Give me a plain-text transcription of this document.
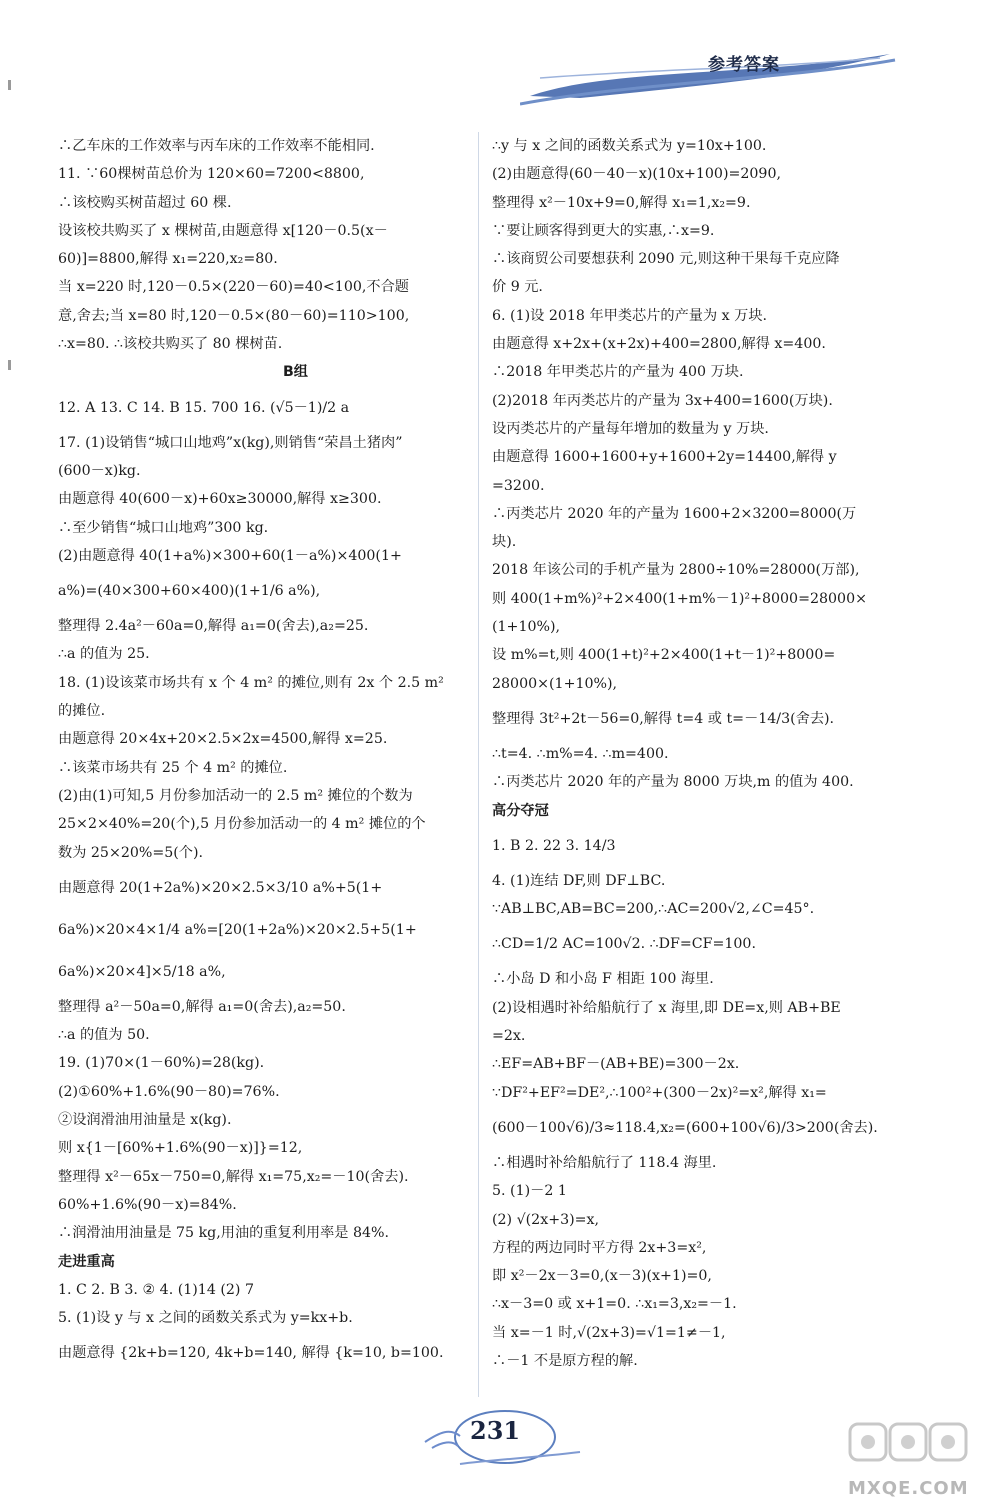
参考答案
∴乙车床的工作效率与丙车床的工作效率不能相同.
11. ∵60棵树苗总价为 120×60=7200<8800,
∴该校购买树苗超过 60 棵.
设该校共购买了 x 棵树苗,由题意得 x[120－0.5(x－
60)]=8800,解得 x₁=220,x₂=80.
当 x=220 时,120－0.5×(220－60)=40<100,不合题
意,舍去;当 x=80 时,120－0.5×(80－60)=110>100,
∴x=80. ∴该校共购买了 80 棵树苗.
B组
12. A 13. C 14. B 15. 700 16. (√5－1)/2 a
17. (1)设销售“城口山地鸡”x(kg),则销售“荣昌土猪肉”
(600－x)kg.
由题意得 40(600－x)+60x≥30000,解得 x≥300.
∴至少销售“城口山地鸡”300 kg.
(2)由题意得 40(1+a%)×300+60(1－a%)×400(1+
a%)=(40×300+60×400)(1+1/6 a%),
整理得 2.4a²－60a=0,解得 a₁=0(舍去),a₂=25.
∴a 的值为 25.
18. (1)设该菜市场共有 x 个 4 m² 的摊位,则有 2x 个 2.5 m²
的摊位.
由题意得 20×4x+20×2.5×2x=4500,解得 x=25.
∴该菜市场共有 25 个 4 m² 的摊位.
(2)由(1)可知,5 月份参加活动一的 2.5 m² 摊位的个数为
25×2×40%=20(个),5 月份参加活动一的 4 m² 摊位的个
数为 25×20%=5(个).
由题意得 20(1+2a%)×20×2.5×3/10 a%+5(1+
6a%)×20×4×1/4 a%=[20(1+2a%)×20×2.5+5(1+
6a%)×20×4]×5/18 a%,
整理得 a²－50a=0,解得 a₁=0(舍去),a₂=50.
∴a 的值为 50.
19. (1)70×(1－60%)=28(kg).
(2)①60%+1.6%(90－80)=76%.
②设润滑油用油量是 x(kg).
则 x{1－[60%+1.6%(90－x)]}=12,
整理得 x²－65x－750=0,解得 x₁=75,x₂=－10(舍去).
60%+1.6%(90－x)=84%.
∴润滑油用油量是 75 kg,用油的重复利用率是 84%.
走进重高
1. C 2. B 3. ② 4. (1)14 (2) 7
5. (1)设 y 与 x 之间的函数关系式为 y=kx+b.
由题意得 {2k+b=120, 4k+b=140, 解得 {k=10, b=100.
∴y 与 x 之间的函数关系式为 y=10x+100.
(2)由题意得(60－40－x)(10x+100)=2090,
整理得 x²－10x+9=0,解得 x₁=1,x₂=9.
∵要让顾客得到更大的实惠,∴x=9.
∴该商贸公司要想获利 2090 元,则这种干果每千克应降
价 9 元.
6. (1)设 2018 年甲类芯片的产量为 x 万块.
由题意得 x+2x+(x+2x)+400=2800,解得 x=400.
∴2018 年甲类芯片的产量为 400 万块.
(2)2018 年丙类芯片的产量为 3x+400=1600(万块).
设丙类芯片的产量每年增加的数量为 y 万块.
由题意得 1600+1600+y+1600+2y=14400,解得 y
=3200.
∴丙类芯片 2020 年的产量为 1600+2×3200=8000(万
块).
2018 年该公司的手机产量为 2800÷10%=28000(万部),
则 400(1+m%)²+2×400(1+m%－1)²+8000=28000×
(1+10%),
设 m%=t,则 400(1+t)²+2×400(1+t－1)²+8000=
28000×(1+10%),
整理得 3t²+2t－56=0,解得 t=4 或 t=－14/3(舍去).
∴t=4. ∴m%=4. ∴m=400.
∴丙类芯片 2020 年的产量为 8000 万块,m 的值为 400.
高分夺冠
1. B 2. 22 3. 14/3
4. (1)连结 DF,则 DF⊥BC.
∵AB⊥BC,AB=BC=200,∴AC=200√2,∠C=45°.
∴CD=1/2 AC=100√2. ∴DF=CF=100.
∴小岛 D 和小岛 F 相距 100 海里.
(2)设相遇时补给船航行了 x 海里,即 DE=x,则 AB+BE
=2x.
∴EF=AB+BF－(AB+BE)=300－2x.
∵DF²+EF²=DE²,∴100²+(300－2x)²=x²,解得 x₁=
(600－100√6)/3≈118.4,x₂=(600+100√6)/3>200(舍去).
∴相遇时补给船航行了 118.4 海里.
5. (1)－2 1
(2) √(2x+3)=x,
方程的两边同时平方得 2x+3=x²,
即 x²－2x－3=0,(x－3)(x+1)=0,
∴x－3=0 或 x+1=0. ∴x₁=3,x₂=－1.
当 x=－1 时,√(2x+3)=√1=1≠－1,
∴－1 不是原方程的解.
231
MXQE.COM
